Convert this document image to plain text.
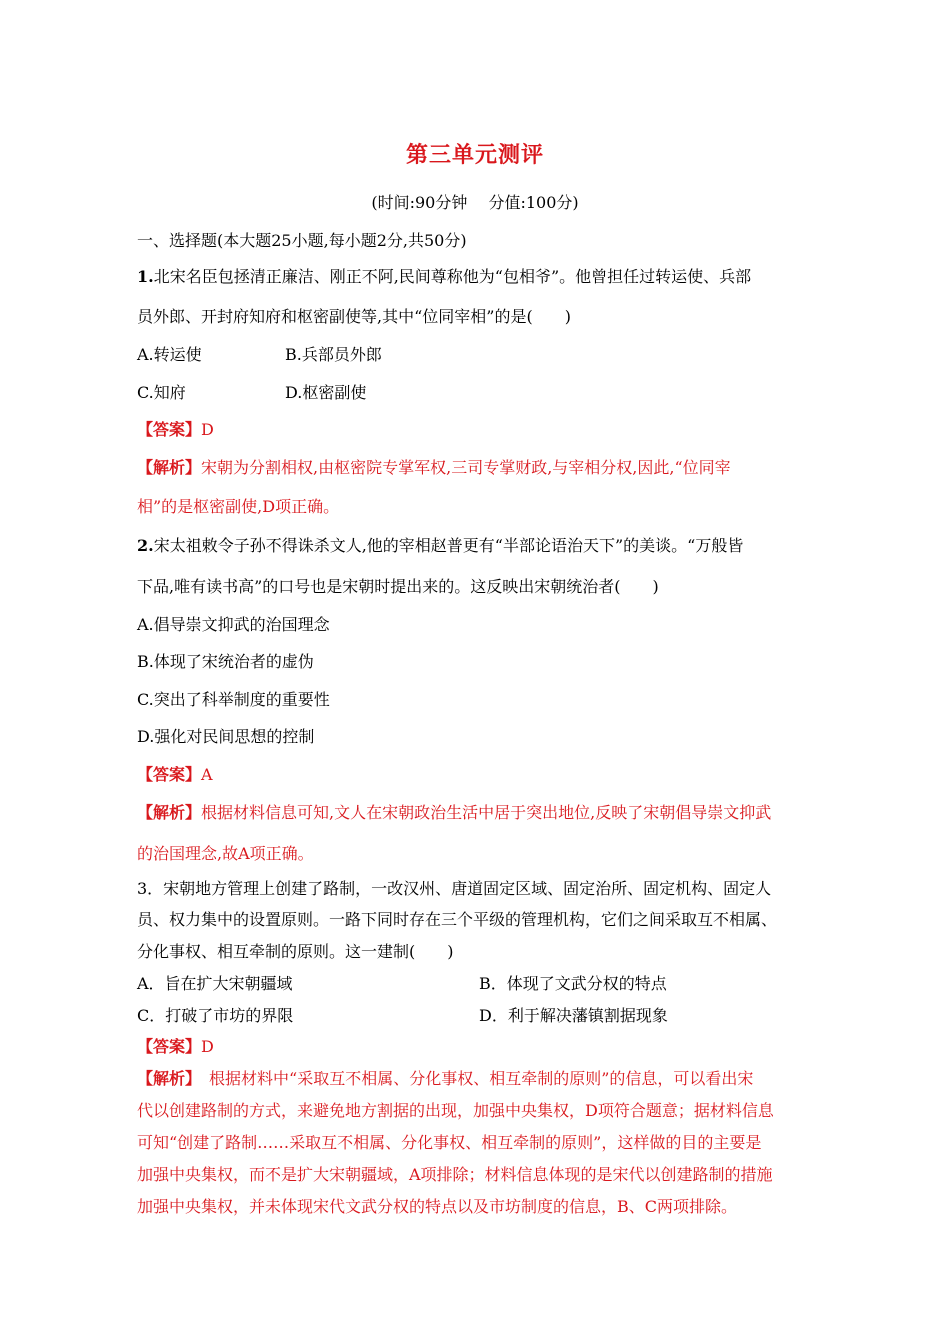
第三单元测评
(时间:90分钟　 分值:100分)
一、选择题(本大题25小题,每小题2分,共50分)
1.北宋名臣包拯清正廉洁、刚正不阿,民间尊称他为“包相爷”。他曾担任过转运使、兵部
员外郎、开封府知府和枢密副使等,其中“位同宰相”的是(　　)
A.转运使	B.兵部员外郎
C.知府	D.枢密副使
【答案】D
【解析】宋朝为分割相权,由枢密院专掌军权,三司专掌财政,与宰相分权,因此,“位同宰
相”的是枢密副使,D项正确。
2.宋太祖敕令子孙不得诛杀文人,他的宰相赵普更有“半部论语治天下”的美谈。“万般皆
下品,唯有读书高”的口号也是宋朝时提出来的。这反映出宋朝统治者(　　)
A.倡导崇文抑武的治国理念
B.体现了宋统治者的虚伪
C.突出了科举制度的重要性
D.强化对民间思想的控制
【答案】A
【解析】根据材料信息可知,文人在宋朝政治生活中居于突出地位,反映了宋朝倡导崇文抑武
的治国理念,故A项正确。
3．宋朝地方管理上创建了路制，一改汉州、唐道固定区域、固定治所、固定机构、固定人
员、权力集中的设置原则。一路下同时存在三个平级的管理机构，它们之间采取互不相属、
分化事权、相互牵制的原则。这一建制(　　)
A．旨在扩大宋朝疆域	B．体现了文武分权的特点
C．打破了市坊的界限	D．利于解决藩镇割据现象
【答案】D
【解析】　根据材料中“采取互不相属、分化事权、相互牵制的原则”的信息，可以看出宋
代以创建路制的方式，来避免地方割据的出现，加强中央集权，D项符合题意；据材料信息
可知“创建了路制……采取互不相属、分化事权、相互牵制的原则”，这样做的目的主要是
加强中央集权，而不是扩大宋朝疆域，A项排除；材料信息体现的是宋代以创建路制的措施
加强中央集权，并未体现宋代文武分权的特点以及市坊制度的信息，B、C两项排除。
